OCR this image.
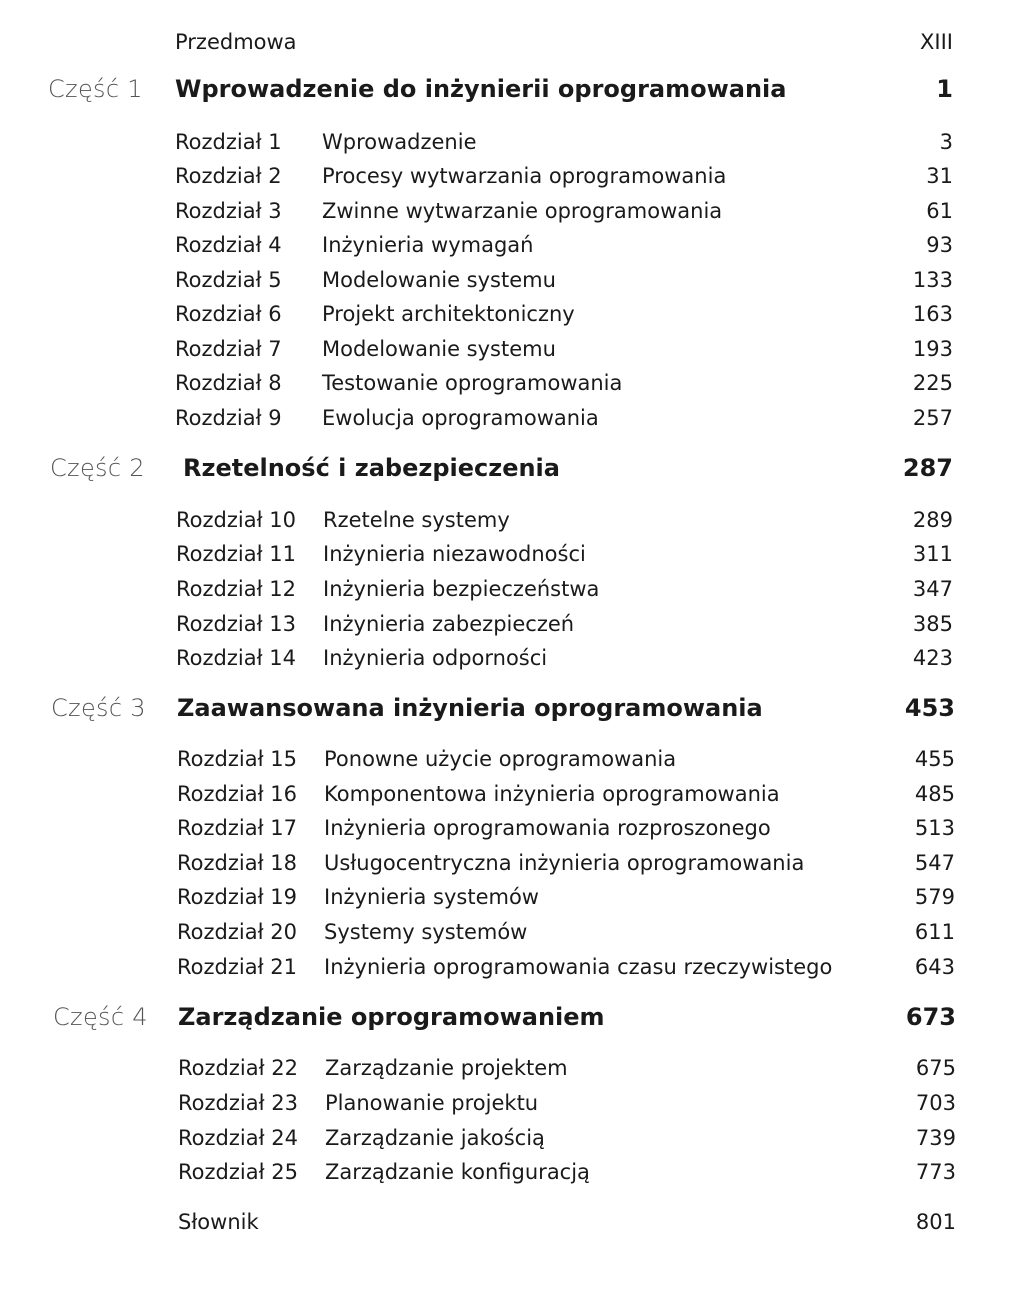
Przedmowa	XIII
Część 1 Wprowadzenie do inżynierii oprogramowania	1
Rozdział 1 Wprowadzenie	3
Rozdział 2 Procesy wytwarzania oprogramowania	31
Rozdział 3 Zwinne wytwarzanie oprogramowania	61
Rozdział 4 Inżynieria wymagań	93
Rozdział 5 Modelowanie systemu	133
Rozdział 6 Projekt architektoniczny	163
Rozdział 7 Modelowanie systemu	193
Rozdział 8 Testowanie oprogramowania	225
Rozdział 9 Ewolucja oprogramowania	257
Część 2 Rzetelność i zabezpieczenia	287
Rozdział 10 Rzetelne systemy	289
Rozdział 11 Inżynieria niezawodności	311
Rozdział 12 Inżynieria bezpieczeństwa	347
Rozdział 13 Inżynieria zabezpieczeń	385
Rozdział 14 Inżynieria odporności	423
Część 3 Zaawansowana inżynieria oprogramowania	453
Rozdział 15 Ponowne użycie oprogramowania	455
Rozdział 16 Komponentowa inżynieria oprogramowania	485
Rozdział 17 Inżynieria oprogramowania rozproszonego	513
Rozdział 18 Usługocentryczna inżynieria oprogramowania	547
Rozdział 19 Inżynieria systemów	579
Rozdział 20 Systemy systemów	611
Rozdział 21 Inżynieria oprogramowania czasu rzeczywistego	643
Część 4 Zarządzanie oprogramowaniem	673
Rozdział 22 Zarządzanie projektem	675
Rozdział 23 Planowanie projektu	703
Rozdział 24 Zarządzanie jakością	739
Rozdział 25 Zarządzanie konfiguracją	773
Słownik	801
